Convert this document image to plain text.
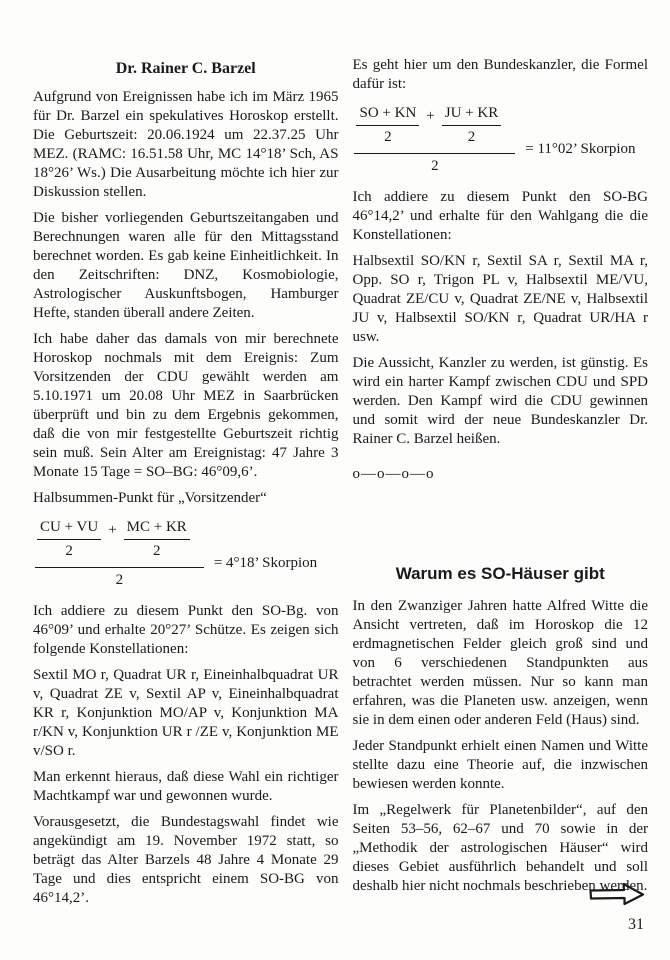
Dr. Rainer C. Barzel

Aufgrund von Ereignissen habe ich im März 1965 für Dr. Barzel ein spekulatives Horoskop erstellt. Die Geburtszeit: 20.06.1924 um 22.37.25 Uhr MEZ. (RAMC: 16.51.58 Uhr, MC 14°18’ Sch, AS 18°26’ Ws.) Die Ausarbeitung möchte ich hier zur Diskussion stellen.

Die bisher vorliegenden Geburtszeitangaben und Berechnungen waren alle für den Mittagsstand berechnet worden. Es gab keine Einheitlichkeit. In den Zeitschriften: DNZ, Kosmobiologie, Astrologischer Auskunftsbogen, Hamburger Hefte, standen überall andere Zeiten.

Ich habe daher das damals von mir berechnete Horoskop nochmals mit dem Ereignis: Zum Vorsitzenden der CDU gewählt werden am 5.10.1971 um 20.08 Uhr MEZ in Saarbrücken überprüft und bin zu dem Ergebnis gekommen, daß die von mir festgestellte Geburtszeit richtig sein muß. Sein Alter am Ereignistag: 47 Jahre 3 Monate 15 Tage = SO–BG: 46°09,6’.

Halbsummen-Punkt für „Vorsitzender“

$\frac{CU + VU}{2} + \frac{MC + KR}{2}$
2
= 4°18’ Skorpion

Ich addiere zu diesem Punkt den SO-Bg. von 46°09’ und erhalte 20°27’ Schütze. Es zeigen sich folgende Konstellationen:

Sextil MO r, Quadrat UR r, Eineinhalbquadrat UR v, Quadrat ZE v, Sextil AP v, Eineinhalbquadrat KR r, Konjunktion MO/AP v, Konjunktion MA r/KN v, Konjunktion UR r /ZE v, Konjunktion ME v/SO r.

Man erkennt hieraus, daß diese Wahl ein richtiger Machtkampf war und gewonnen wurde.

Vorausgesetzt, die Bundestagswahl findet wie angekündigt am 19. November 1972 statt, so beträgt das Alter Barzels 48 Jahre 4 Monate 29 Tage und dies entspricht einem SO-BG von 46°14,2’.

Es geht hier um den Bundeskanzler, die Formel dafür ist:

$\frac{SO + KN}{2} + \frac{JU + KR}{2}$
2
= 11°02’ Skorpion

Ich addiere zu diesem Punkt den SO-BG 46°14,2’ und erhalte für den Wahlgang die die Konstellationen:

Halbsextil SO/KN r, Sextil SA r, Sextil MA r, Opp. SO r, Trigon PL v, Halbsextil ME/VU, Quadrat ZE/CU v, Quadrat ZE/NE v, Halbsextil JU v, Halbsextil SO/KN r, Quadrat UR/HA r usw.

Die Aussicht, Kanzler zu werden, ist günstig. Es wird ein harter Kampf zwischen CDU und SPD werden. Den Kampf wird die CDU gewinnen und somit wird der neue Bundeskanzler Dr. Rainer C. Barzel heißen.

o—o—o—o

Warum es SO-Häuser gibt

In den Zwanziger Jahren hatte Alfred Witte die Ansicht vertreten, daß im Horoskop die 12 erdmagnetischen Felder gleich groß sind und von 6 verschiedenen Standpunkten aus betrachtet werden müssen. Nur so kann man erfahren, was die Planeten usw. anzeigen, wenn sie in dem einen oder anderen Feld (Haus) sind.

Jeder Standpunkt erhielt einen Namen und Witte stellte dazu eine Theorie auf, die inzwischen bewiesen werden konnte.

Im „Regelwerk für Planetenbilder“, auf den Seiten 53–56, 62–67 und 70 sowie in der „Methodik der astrologischen Häuser“ wird dieses Gebiet ausführlich behandelt und soll deshalb hier nicht nochmals beschrieben werden.

31
